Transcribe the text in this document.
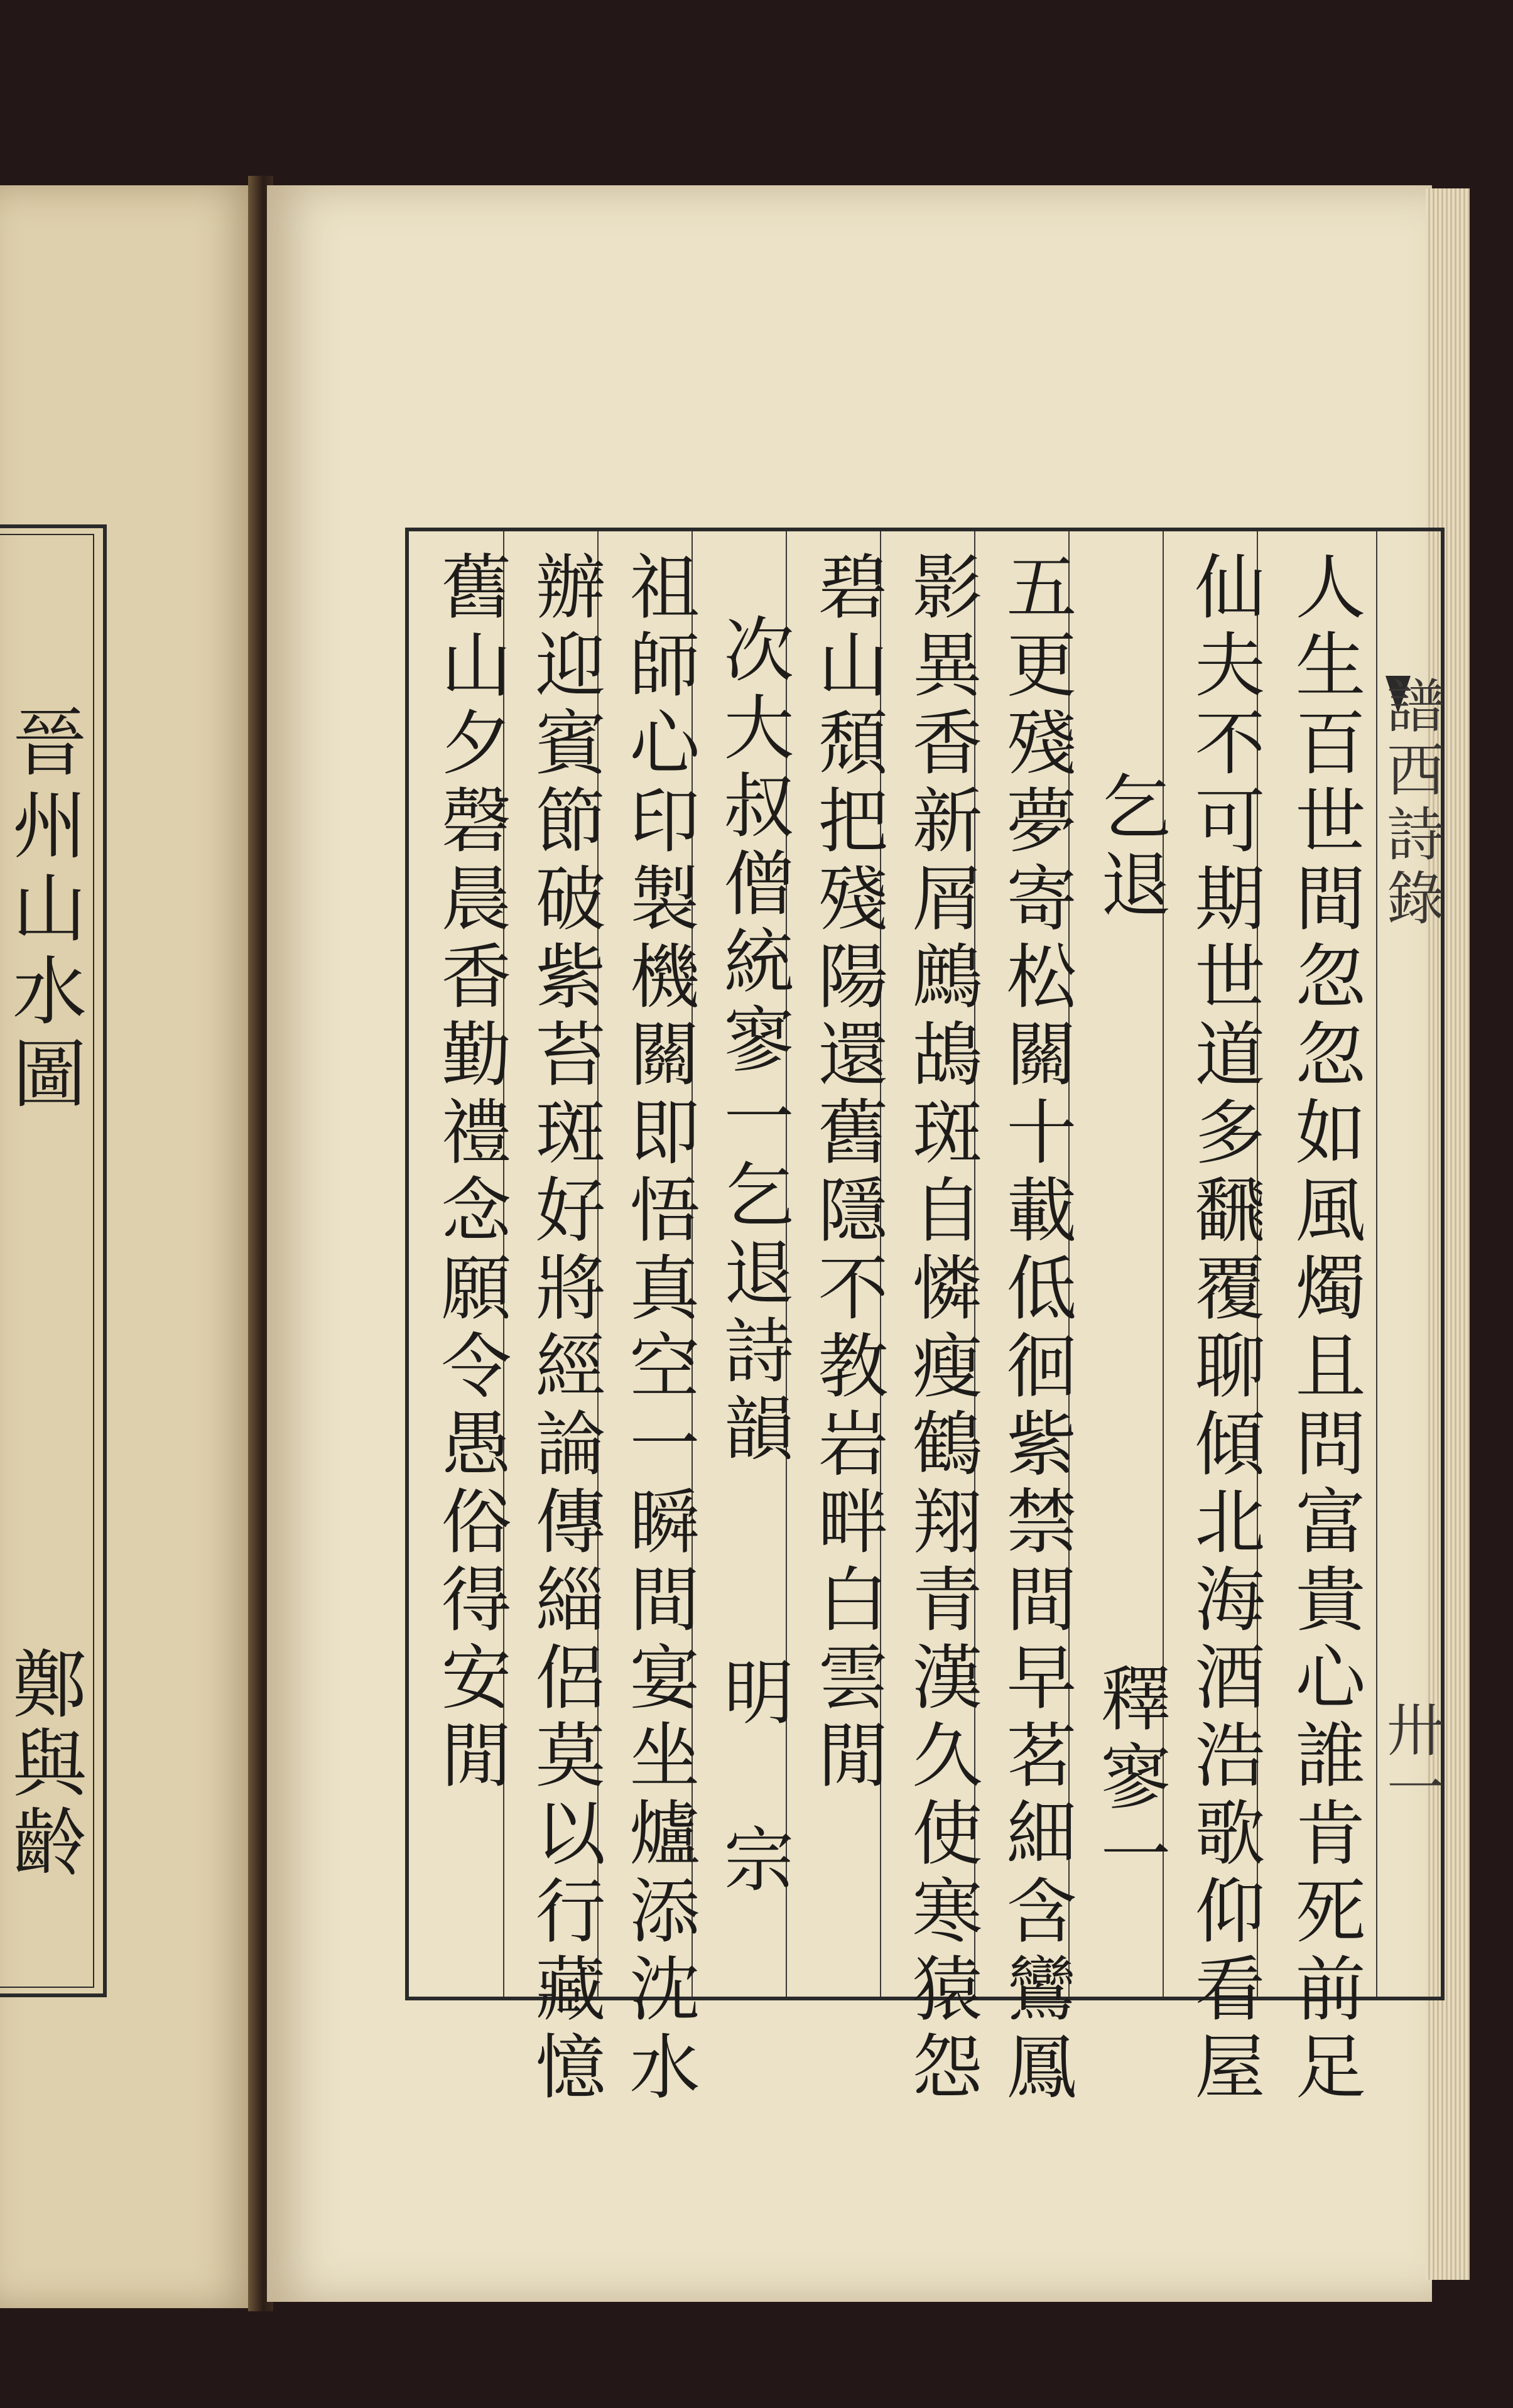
晉州山水圖
鄭與齡	人生百世間忽忽如風燭且問富貴心誰肯死前足
仙夫不可期世道多飜覆聊傾北海酒浩歌仰看屋
乞退
釋寥一
五更殘夢寄松關十載低徊紫禁間早茗細含鸞鳳
影異香新屑鷓鴣斑自憐瘦鶴翔青漢久使寒猿怨
碧山頹把殘陽還舊隱不教岩畔白雲閒
次大叔僧統寥一乞退詩韻
明 宗
祖師心印製機關即悟真空一瞬間宴坐爐添沈水
辦迎賓節破紫苔斑好將經論傳緇侶莫以行藏憶
舊山夕磬晨香勤禮念願令愚俗得安閒	譜西詩錄
卅一
